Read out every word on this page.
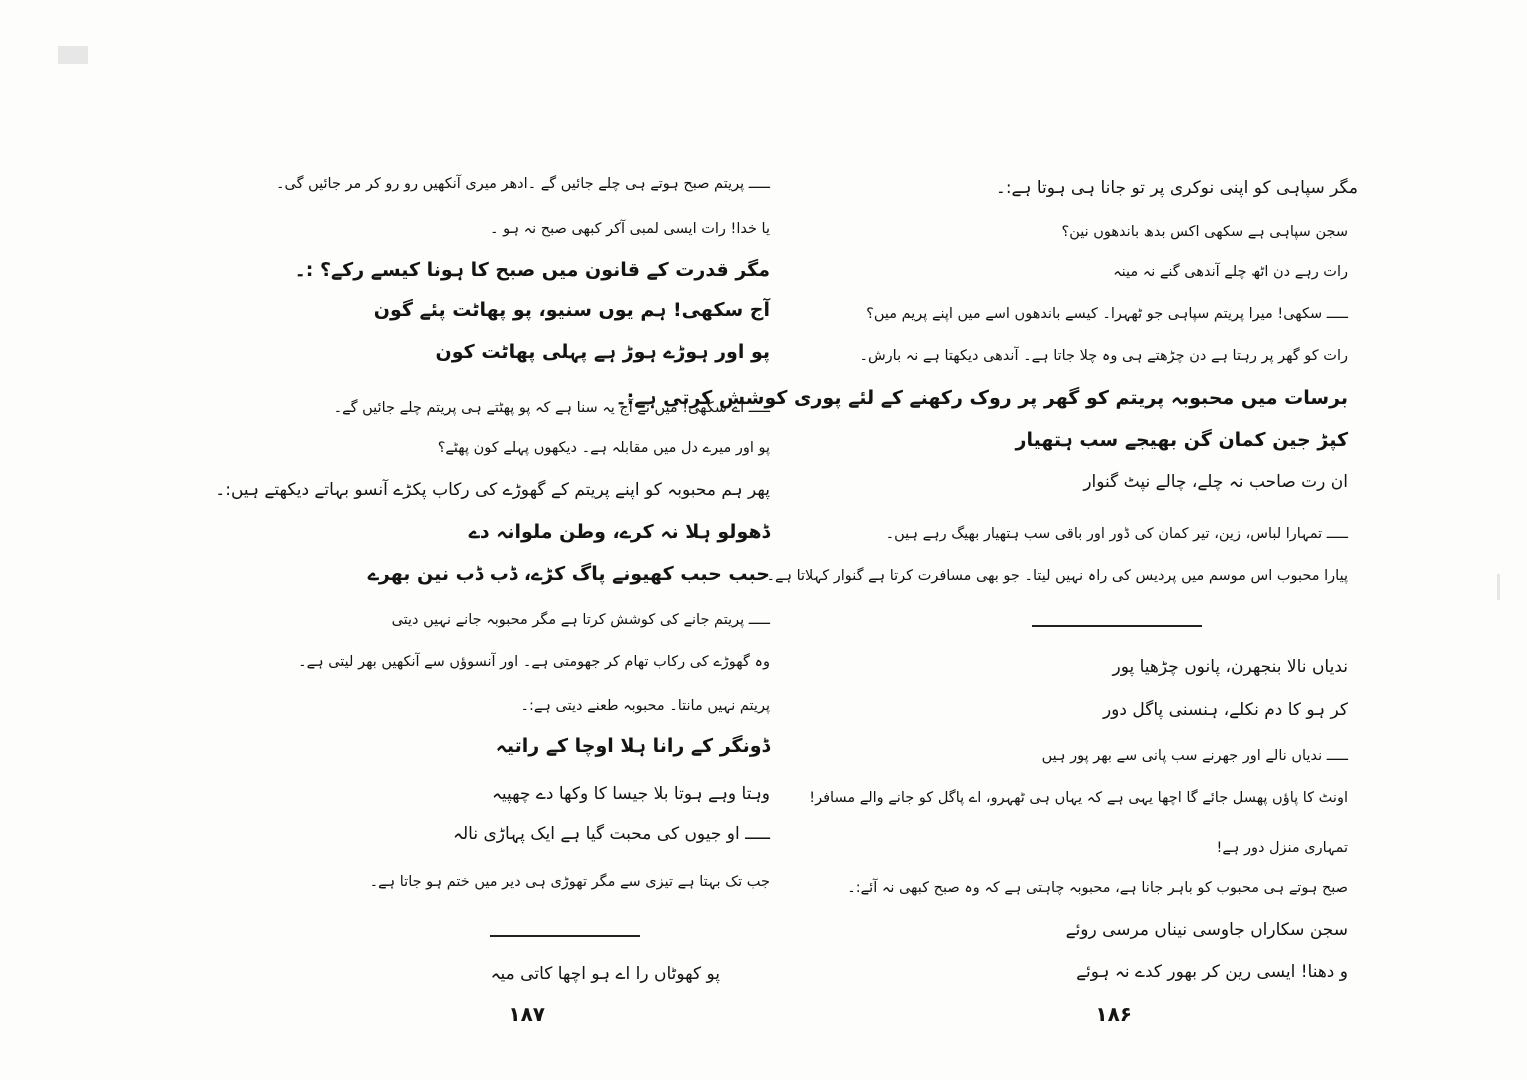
ـــــ پریتم صبح ہوتے ہی چلے جائیں گے ۔ادھر میری آنکھیں رو رو کر مر جائیں گی۔
یا خدا! رات ایسی لمبی آکر کبھی صبح نہ ہو ۔
مگر قدرت کے قانون میں صبح کا ہونا کیسے رکے؟ :۔
آج سکھی! ہم یوں سنیو، پو پھاٹت پئے گون
پو اور ہوڑے ہوڑ ہے پہلی پھاٹت کون
ـــــ اے سکھی! میں نے آج یہ سنا ہے کہ پو پھٹتے ہی پریتم چلے جائیں گے۔
پو اور میرے دل میں مقابلہ ہے۔ دیکھوں پہلے کون پھٹے؟
پھر ہم محبوبہ کو اپنے پریتم کے گھوڑے کی رکاب پکڑے آنسو بہاتے دیکھتے ہیں:۔
ڈھولو ہلا نہ کرے، وطن ملوانہ دے
حبب حبب کھیونے پاگ کڑے، ڈب ڈب نین بھرے
ـــــ پریتم جانے کی کوشش کرتا ہے مگر محبوبہ جانے نہیں دیتی
وہ گھوڑے کی رکاب تھام کر جھومتی ہے۔ اور آنسوؤں سے آنکھیں بھر لیتی ہے۔
پریتم نہیں مانتا۔ محبوبہ طعنے دیتی ہے:۔
ڈونگر کے رانا ہلا اوچا کے راتیہ
وہتا وہے ہوتا بلا جیسا کا وکھا دے چھپیہ
ـــــ او جیوں کی محبت گیا ہے ایک پہاڑی نالہ
جب تک بہتا ہے تیزی سے مگر تھوڑی ہی دیر میں ختم ہو جاتا ہے۔
پو کھوٹاں را اے ہو اچھا کاتی میہ
۱۸۷
مگر سپاہی کو اپنی نوکری پر تو جانا ہی ہوتا ہے:۔
سجن سپاہی ہے سکھی اکس بدھ باندھوں نین؟
رات رہے دن اٹھ چلے آندھی گنے نہ مینہ
ـــــ سکھی! میرا پریتم سپاہی جو ٹھہرا۔ کیسے باندھوں اسے میں اپنے پریم میں؟
رات کو گھر پر رہتا ہے دن چڑھتے ہی وہ چلا جاتا ہے۔ آندھی دیکھتا ہے نہ بارش۔
برسات میں محبوبہ پریتم کو گھر پر روک رکھنے کے لئے پوری کوشش کرتی ہے:۔
کپڑ جین کمان گن بھیجے سب ہتھیار
ان رت صاحب نہ چلے، چالے نپٹ گنوار
ـــــ تمہارا لباس، زین، تیر کمان کی ڈور اور باقی سب ہتھیار بھیگ رہے ہیں۔
پیارا محبوب اس موسم میں پردیس کی راہ نہیں لیتا۔ جو بھی مسافرت کرتا ہے گنوار کہلاتا ہے۔
ندیاں نالا بنجھرن، پانوں چڑھیا پور
کر ہو کا دم نکلے، ہنسنی پاگل دور
ـــــ ندیاں نالے اور جھرنے سب پانی سے بھر پور ہیں
اونٹ کا پاؤں پھسل جائے گا اچھا یہی ہے کہ یہاں ہی ٹھہرو، اے پاگل کو جانے والے مسافر!
تمہاری منزل دور ہے!
صبح ہوتے ہی محبوب کو باہر جانا ہے، محبوبہ چاہتی ہے کہ وہ صبح کبھی نہ آئے:۔
سجن سکاراں جاوسی نیناں مرسی روئے
و دھنا! ایسی رین کر بھور کدے نہ ہوئے
۱۸۶
